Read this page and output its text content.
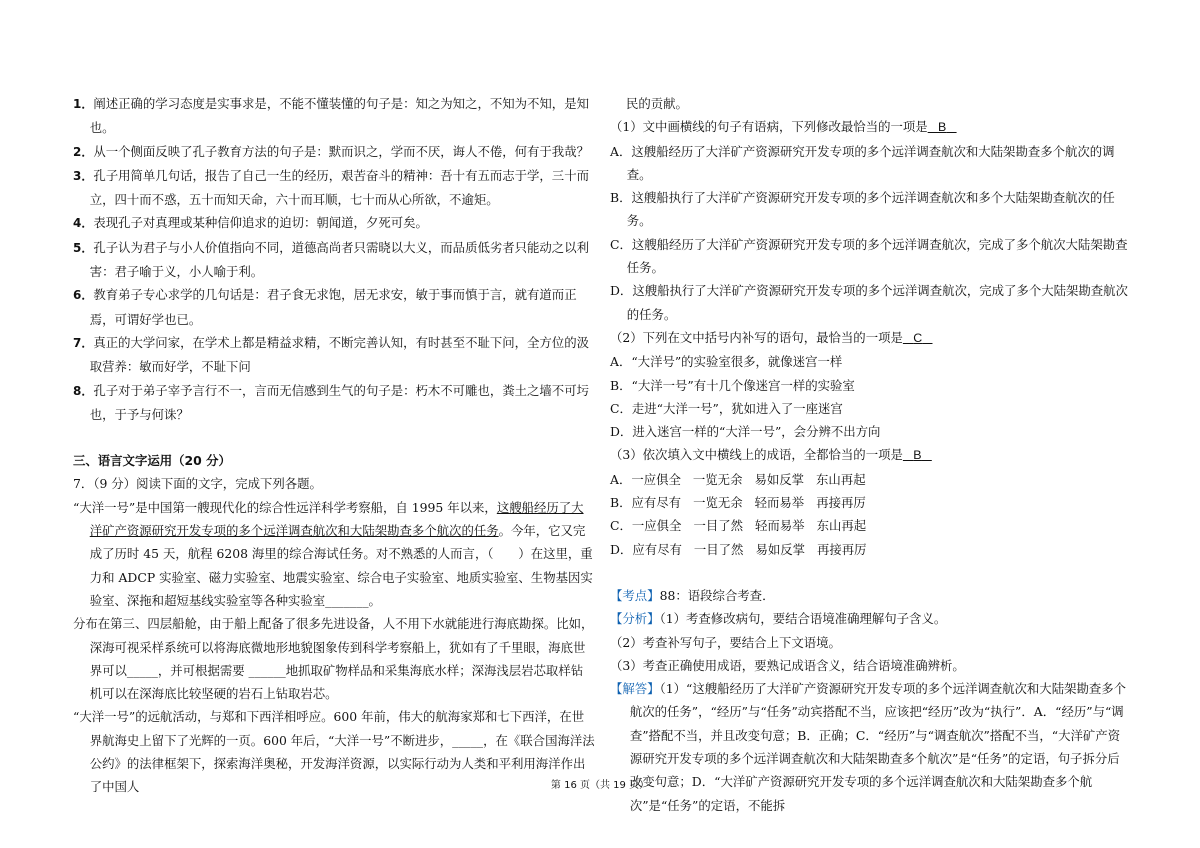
1．阐述正确的学习态度是实事求是，不能不懂装懂的句子是：知之为知之，不知为不知，是知也。

2．从一个侧面反映了孔子教育方法的句子是：默而识之，学而不厌，诲人不倦，何有于我哉？

3．孔子用简单几句话，报告了自己一生的经历，艰苦奋斗的精神：吾十有五而志于学，三十而立，四十而不惑，五十而知天命，六十而耳顺，七十而从心所欲，不逾矩。

4．表现孔子对真理或某种信仰追求的迫切：朝闻道，夕死可矣。

5．孔子认为君子与小人价值指向不同，道德高尚者只需晓以大义，而品质低劣者只能动之以利害：君子喻于义，小人喻于利。

6．教育弟子专心求学的几句话是：君子食无求饱，居无求安，敏于事而慎于言，就有道而正焉，可谓好学也已。

7．真正的大学问家，在学术上都是精益求精，不断完善认知，有时甚至不耻下问，全方位的汲取营养：敏而好学，不耻下问

8．孔子对于弟子宰予言行不一，言而无信感到生气的句子是：朽木不可雕也，粪土之墙不可圬也，于予与何诛？

三、语言文字运用（20 分）

7．（9 分）阅读下面的文字，完成下列各题。

“大洋一号”是中国第一艘现代化的综合性远洋科学考察船，自 1995 年以来，这艘船经历了大洋矿产资源研究开发专项的多个远洋调查航次和大陆架勘查多个航次的任务。今年，它又完成了历时 45 天，航程 6208 海里的综合海试任务。对不熟悉的人而言，（　　）在这里，重力和 ADCP 实验室、磁力实验室、地震实验室、综合电子实验室、地质实验室、生物基因实验室、深拖和超短基线实验室等各种实验室_______。

分布在第三、四层船舱，由于船上配备了很多先进设备，人不用下水就能进行海底勘探。比如，深海可视采样系统可以将海底微地形地貌图象传到科学考察船上，犹如有了千里眼，海底世界可以_____，并可根据需要 ______地抓取矿物样品和采集海底水样；深海浅层岩芯取样钻机可以在深海底比较坚硬的岩石上钻取岩芯。

“大洋一号”的远航活动，与郑和下西洋相呼应。600 年前，伟大的航海家郑和七下西洋，在世界航海史上留下了光辉的一页。600 年后，“大洋一号”不断进步，_____，在《联合国海洋法公约》的法律框架下，探索海洋奥秘，开发海洋资源，以实际行动为人类和平利用海洋作出了中国人

民的贡献。

（1）文中画横线的句子有语病，下列修改最恰当的一项是 B

A．这艘船经历了大洋矿产资源研究开发专项的多个远洋调查航次和大陆架勘查多个航次的调查。

B．这艘船执行了大洋矿产资源研究开发专项的多个远洋调查航次和多个大陆架勘查航次的任务。

C．这艘船经历了大洋矿产资源研究开发专项的多个远洋调查航次，完成了多个航次大陆架勘查任务。

D．这艘船执行了大洋矿产资源研究开发专项的多个远洋调查航次，完成了多个大陆架勘查航次的任务。

（2）下列在文中括号内补写的语句，最恰当的一项是 C

A．“大洋号”的实验室很多，就像迷宫一样

B．“大洋一号”有十几个像迷宫一样的实验室

C．走进“大洋一号”，犹如进入了一座迷宫

D．进入迷宫一样的“大洋一号”，会分辨不出方向

（3）依次填入文中横线上的成语，全都恰当的一项是 B

A．一应俱全 一览无余 易如反掌 东山再起

B．应有尽有 一览无余 轻而易举 再接再厉

C．一应俱全 一目了然 轻而易举 东山再起

D．应有尽有 一目了然 易如反掌 再接再厉

【考点】88：语段综合考查．

【分析】（1）考查修改病句，要结合语境准确理解句子含义。

（2）考查补写句子，要结合上下文语境。

（3）考查正确使用成语，要熟记成语含义，结合语境准确辨析。

【解答】（1）“这艘船经历了大洋矿产资源研究开发专项的多个远洋调查航次和大陆架勘查多个航次的任务”，“经历”与“任务”动宾搭配不当，应该把“经历”改为“执行”．A．“经历”与“调查”搭配不当，并且改变句意；B．正确；C．“经历”与“调查航次”搭配不当，“大洋矿产资源研究开发专项的多个远洋调查航次和大陆架勘查多个航次”是“任务”的定语，句子拆分后改变句意；D．“大洋矿产资源研究开发专项的多个远洋调查航次和大陆架勘查多个航次”是“任务”的定语，不能拆

第 16 页（共 19 页）
